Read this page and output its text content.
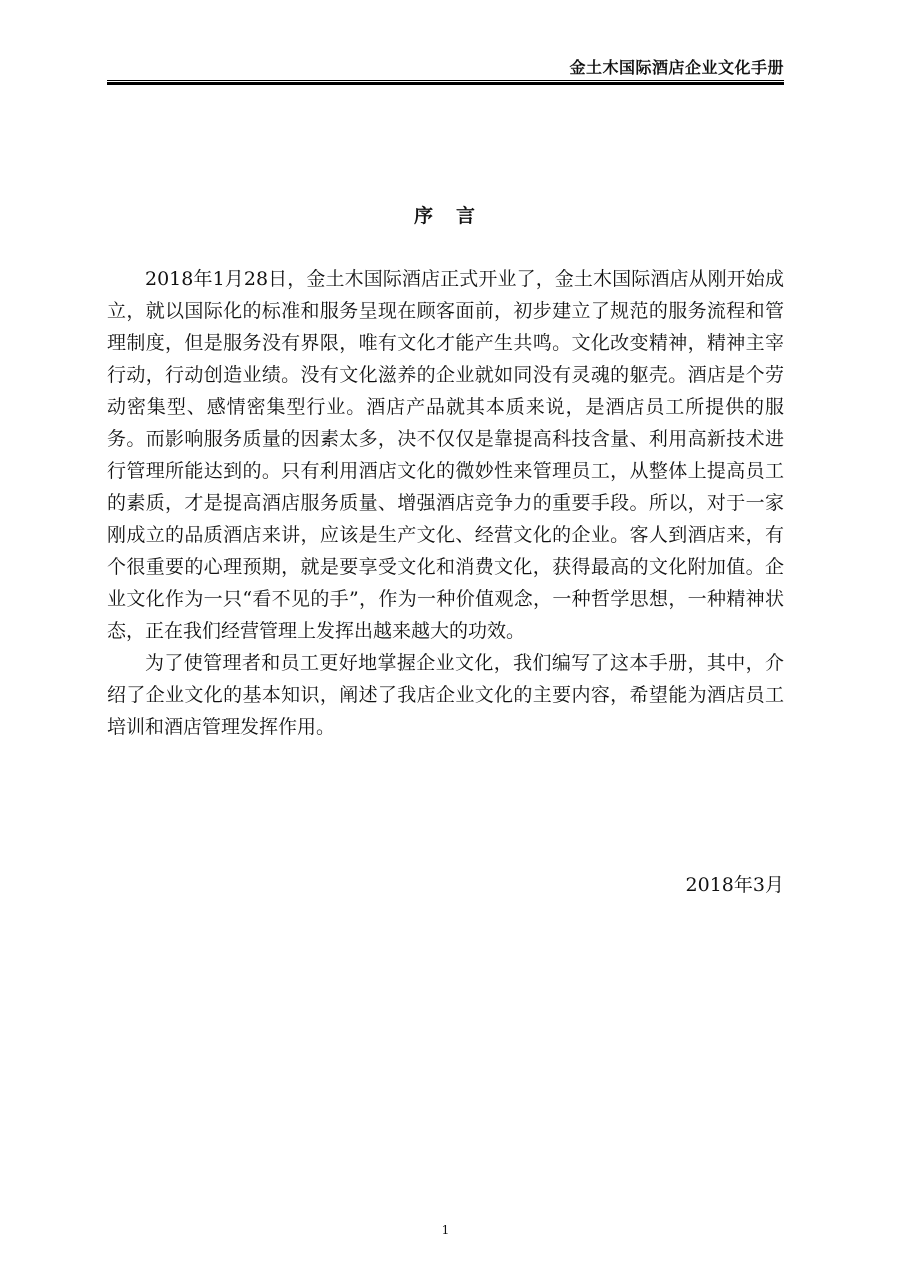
金土木国际酒店企业文化手册
序　言

2018年1月28日，金土木国际酒店正式开业了，金土木国际酒店从刚开始成立，就以国际化的标准和服务呈现在顾客面前，初步建立了规范的服务流程和管理制度，但是服务没有界限，唯有文化才能产生共鸣。文化改变精神，精神主宰行动，行动创造业绩。没有文化滋养的企业就如同没有灵魂的躯壳。酒店是个劳动密集型、感情密集型行业。酒店产品就其本质来说，是酒店员工所提供的服务。而影响服务质量的因素太多，决不仅仅是靠提高科技含量、利用高新技术进行管理所能达到的。只有利用酒店文化的微妙性来管理员工，从整体上提高员工的素质，才是提高酒店服务质量、增强酒店竞争力的重要手段。所以，对于一家刚成立的品质酒店来讲，应该是生产文化、经营文化的企业。客人到酒店来，有个很重要的心理预期，就是要享受文化和消费文化，获得最高的文化附加值。企业文化作为一只“看不见的手”，作为一种价值观念，一种哲学思想，一种精神状态，正在我们经营管理上发挥出越来越大的功效。

为了使管理者和员工更好地掌握企业文化，我们编写了这本手册，其中，介绍了企业文化的基本知识，阐述了我店企业文化的主要内容，希望能为酒店员工培训和酒店管理发挥作用。

2018年3月
1
